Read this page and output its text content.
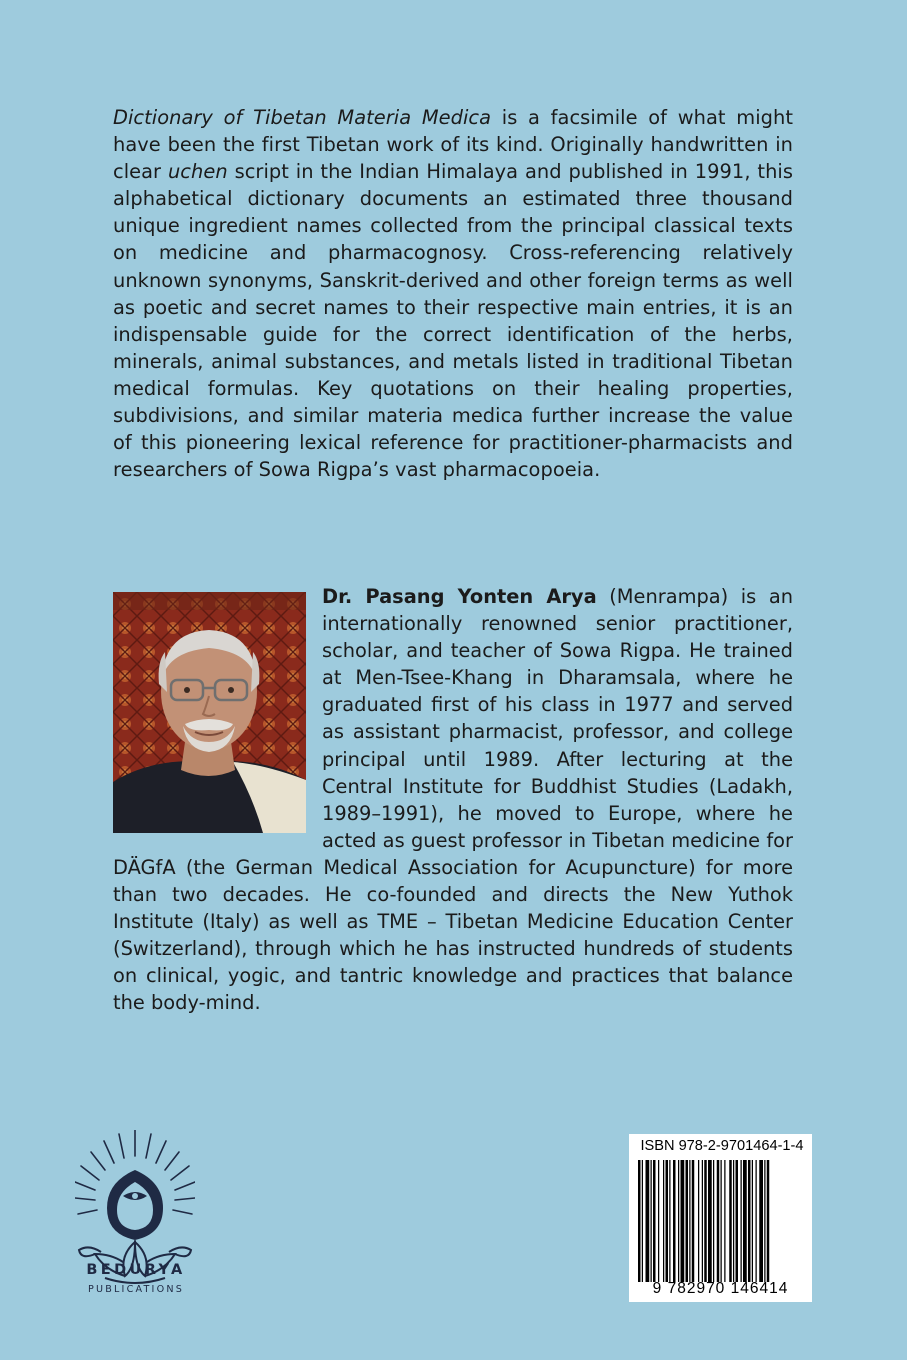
Dictionary of Tibetan Materia Medica is a facsimile of what might have been the first Tibetan work of its kind. Originally handwritten in clear uchen script in the Indian Himalaya and published in 1991, this alphabetical dictionary documents an estimated three thousand unique ingredient names collected from the principal classical texts on medicine and pharmacognosy. Cross-referencing relatively unknown synonyms, Sanskrit-derived and other foreign terms as well as poetic and secret names to their respective main entries, it is an indispensable guide for the correct identification of the herbs, minerals, animal substances, and metals listed in traditional Tibetan medical formulas. Key quotations on their healing properties, subdivisions, and similar materia medica further increase the value of this pioneering lexical reference for practitioner-pharmacists and researchers of Sowa Rigpa’s vast pharmacopoeia.
Dr. Pasang Yonten Arya (Menrampa) is an internationally renowned senior practitioner, scholar, and teacher of Sowa Rigpa. He trained at Men-Tsee-Khang in Dharamsala, where he graduated first of his class in 1977 and served as assistant pharmacist, professor, and college principal until 1989. After lecturing at the Central Institute for Buddhist Studies (Ladakh, 1989–1991), he moved to Europe, where he acted as guest professor in Tibetan medicine for DÄGfA (the German Medical Association for Acupuncture) for more than two decades. He co-founded and directs the New Yuthok Institute (Italy) as well as TME – Tibetan Medicine Education Center (Switzerland), through which he has instructed hundreds of students on clinical, yogic, and tantric knowledge and practices that balance the body-mind.
BEDURYA
PUBLICATIONS
ISBN 978-2-9701464-1-4
9 782970 146414
